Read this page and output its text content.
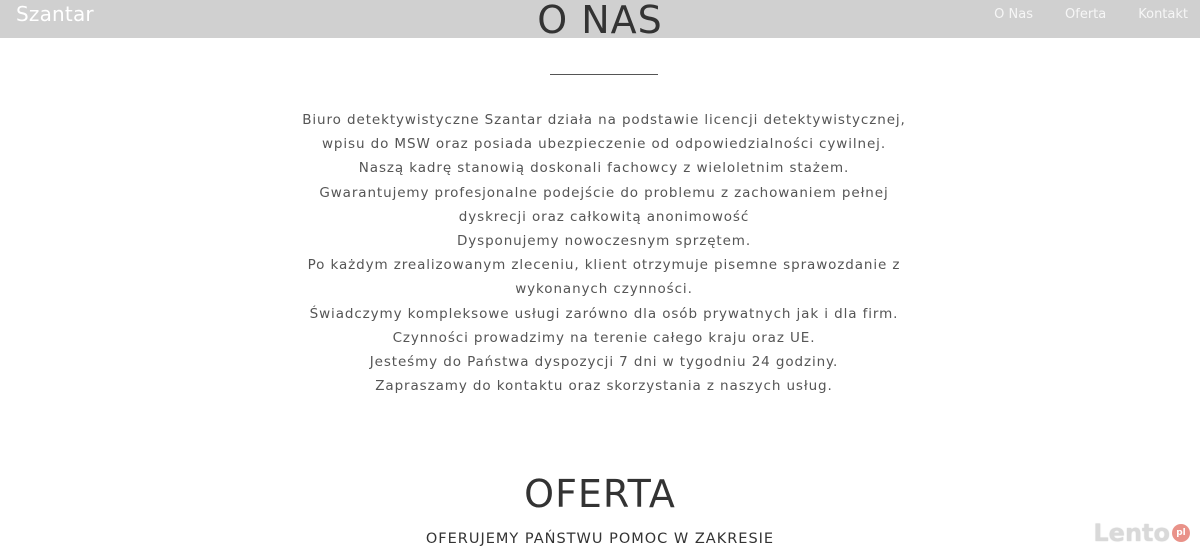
Szantar	O Nas Oferta Kontakt
O NAS
Biuro detektywistyczne Szantar działa na podstawie licencji detektywistycznej,
wpisu do MSW oraz posiada ubezpieczenie od odpowiedzialności cywilnej.
Naszą kadrę stanowią doskonali fachowcy z wieloletnim stażem.
Gwarantujemy profesjonalne podejście do problemu z zachowaniem pełnej
dyskrecji oraz całkowitą anonimowość
Dysponujemy nowoczesnym sprzętem.
Po każdym zrealizowanym zleceniu, klient otrzymuje pisemne sprawozdanie z
wykonanych czynności.
Świadczymy kompleksowe usługi zarówno dla osób prywatnych jak i dla firm.
Czynności prowadzimy na terenie całego kraju oraz UE.
Jesteśmy do Państwa dyspozycji 7 dni w tygodniu 24 godziny.
Zapraszamy do kontaktu oraz skorzystania z naszych usług.
OFERTA
OFERUJEMY PAŃSTWU POMOC W ZAKRESIE	Lento pl
